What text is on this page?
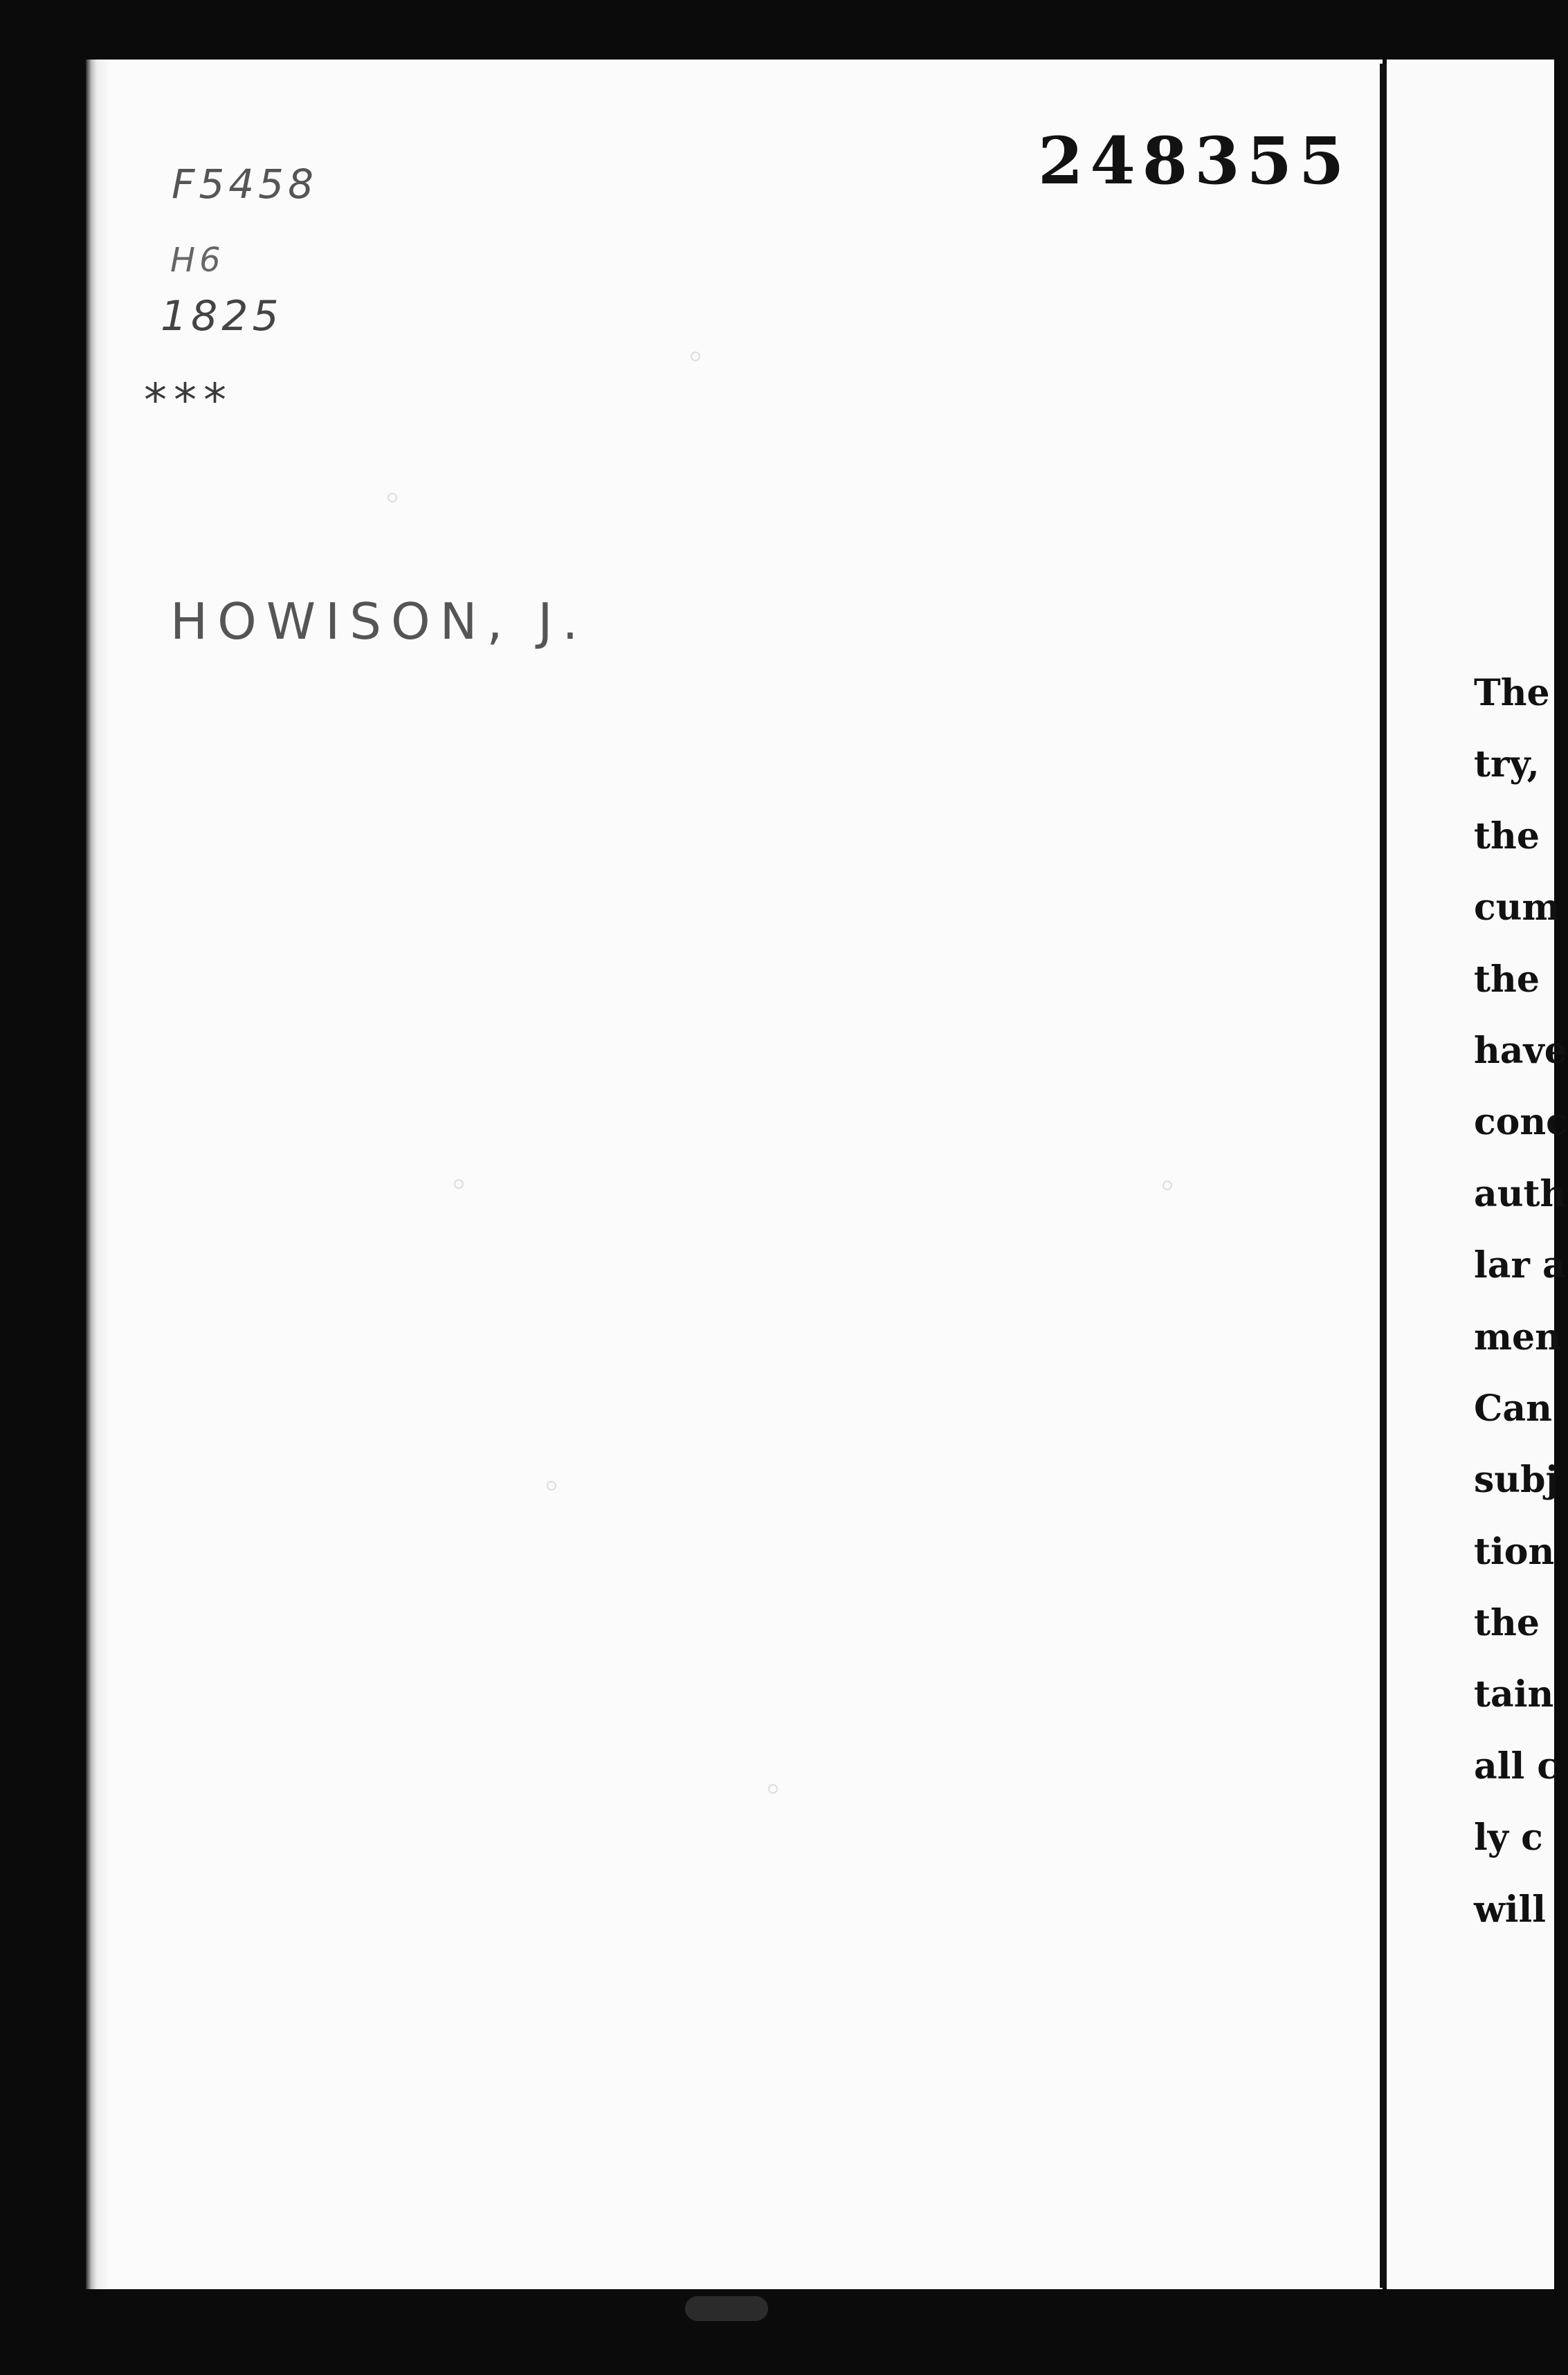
248355
F5458
H6
1825
***
HOWISON, J.
The
try,
the
cum
the
have
conc
auth
lar a
men
Can
subj
tion
the
tain
all c
ly c
will
